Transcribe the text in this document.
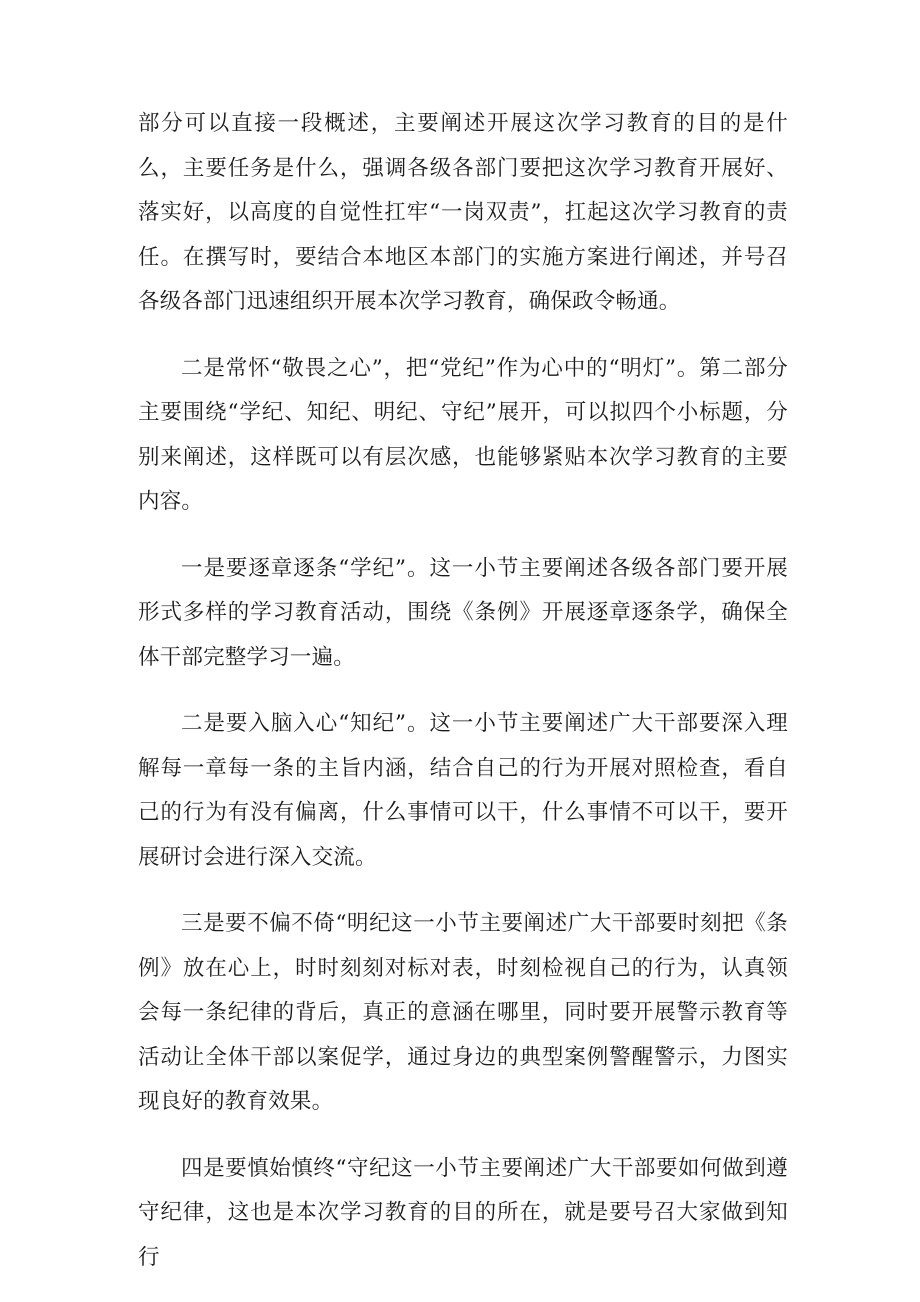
部分可以直接一段概述，主要阐述开展这次学习教育的目的是什么，主要任务是什么，强调各级各部门要把这次学习教育开展好、落实好，以高度的自觉性扛牢“一岗双责”，扛起这次学习教育的责任。在撰写时，要结合本地区本部门的实施方案进行阐述，并号召各级各部门迅速组织开展本次学习教育，确保政令畅通。

二是常怀“敬畏之心”，把“党纪”作为心中的“明灯”。第二部分主要围绕“学纪、知纪、明纪、守纪”展开，可以拟四个小标题，分别来阐述，这样既可以有层次感，也能够紧贴本次学习教育的主要内容。

一是要逐章逐条“学纪”。这一小节主要阐述各级各部门要开展形式多样的学习教育活动，围绕《条例》开展逐章逐条学，确保全体干部完整学习一遍。

二是要入脑入心“知纪”。这一小节主要阐述广大干部要深入理解每一章每一条的主旨内涵，结合自己的行为开展对照检查，看自己的行为有没有偏离，什么事情可以干，什么事情不可以干，要开展研讨会进行深入交流。

三是要不偏不倚“明纪这一小节主要阐述广大干部要时刻把《条例》放在心上，时时刻刻对标对表，时刻检视自己的行为，认真领会每一条纪律的背后，真正的意涵在哪里，同时要开展警示教育等活动让全体干部以案促学，通过身边的典型案例警醒警示，力图实现良好的教育效果。

四是要慎始慎终“守纪这一小节主要阐述广大干部要如何做到遵守纪律，这也是本次学习教育的目的所在，就是要号召大家做到知行
